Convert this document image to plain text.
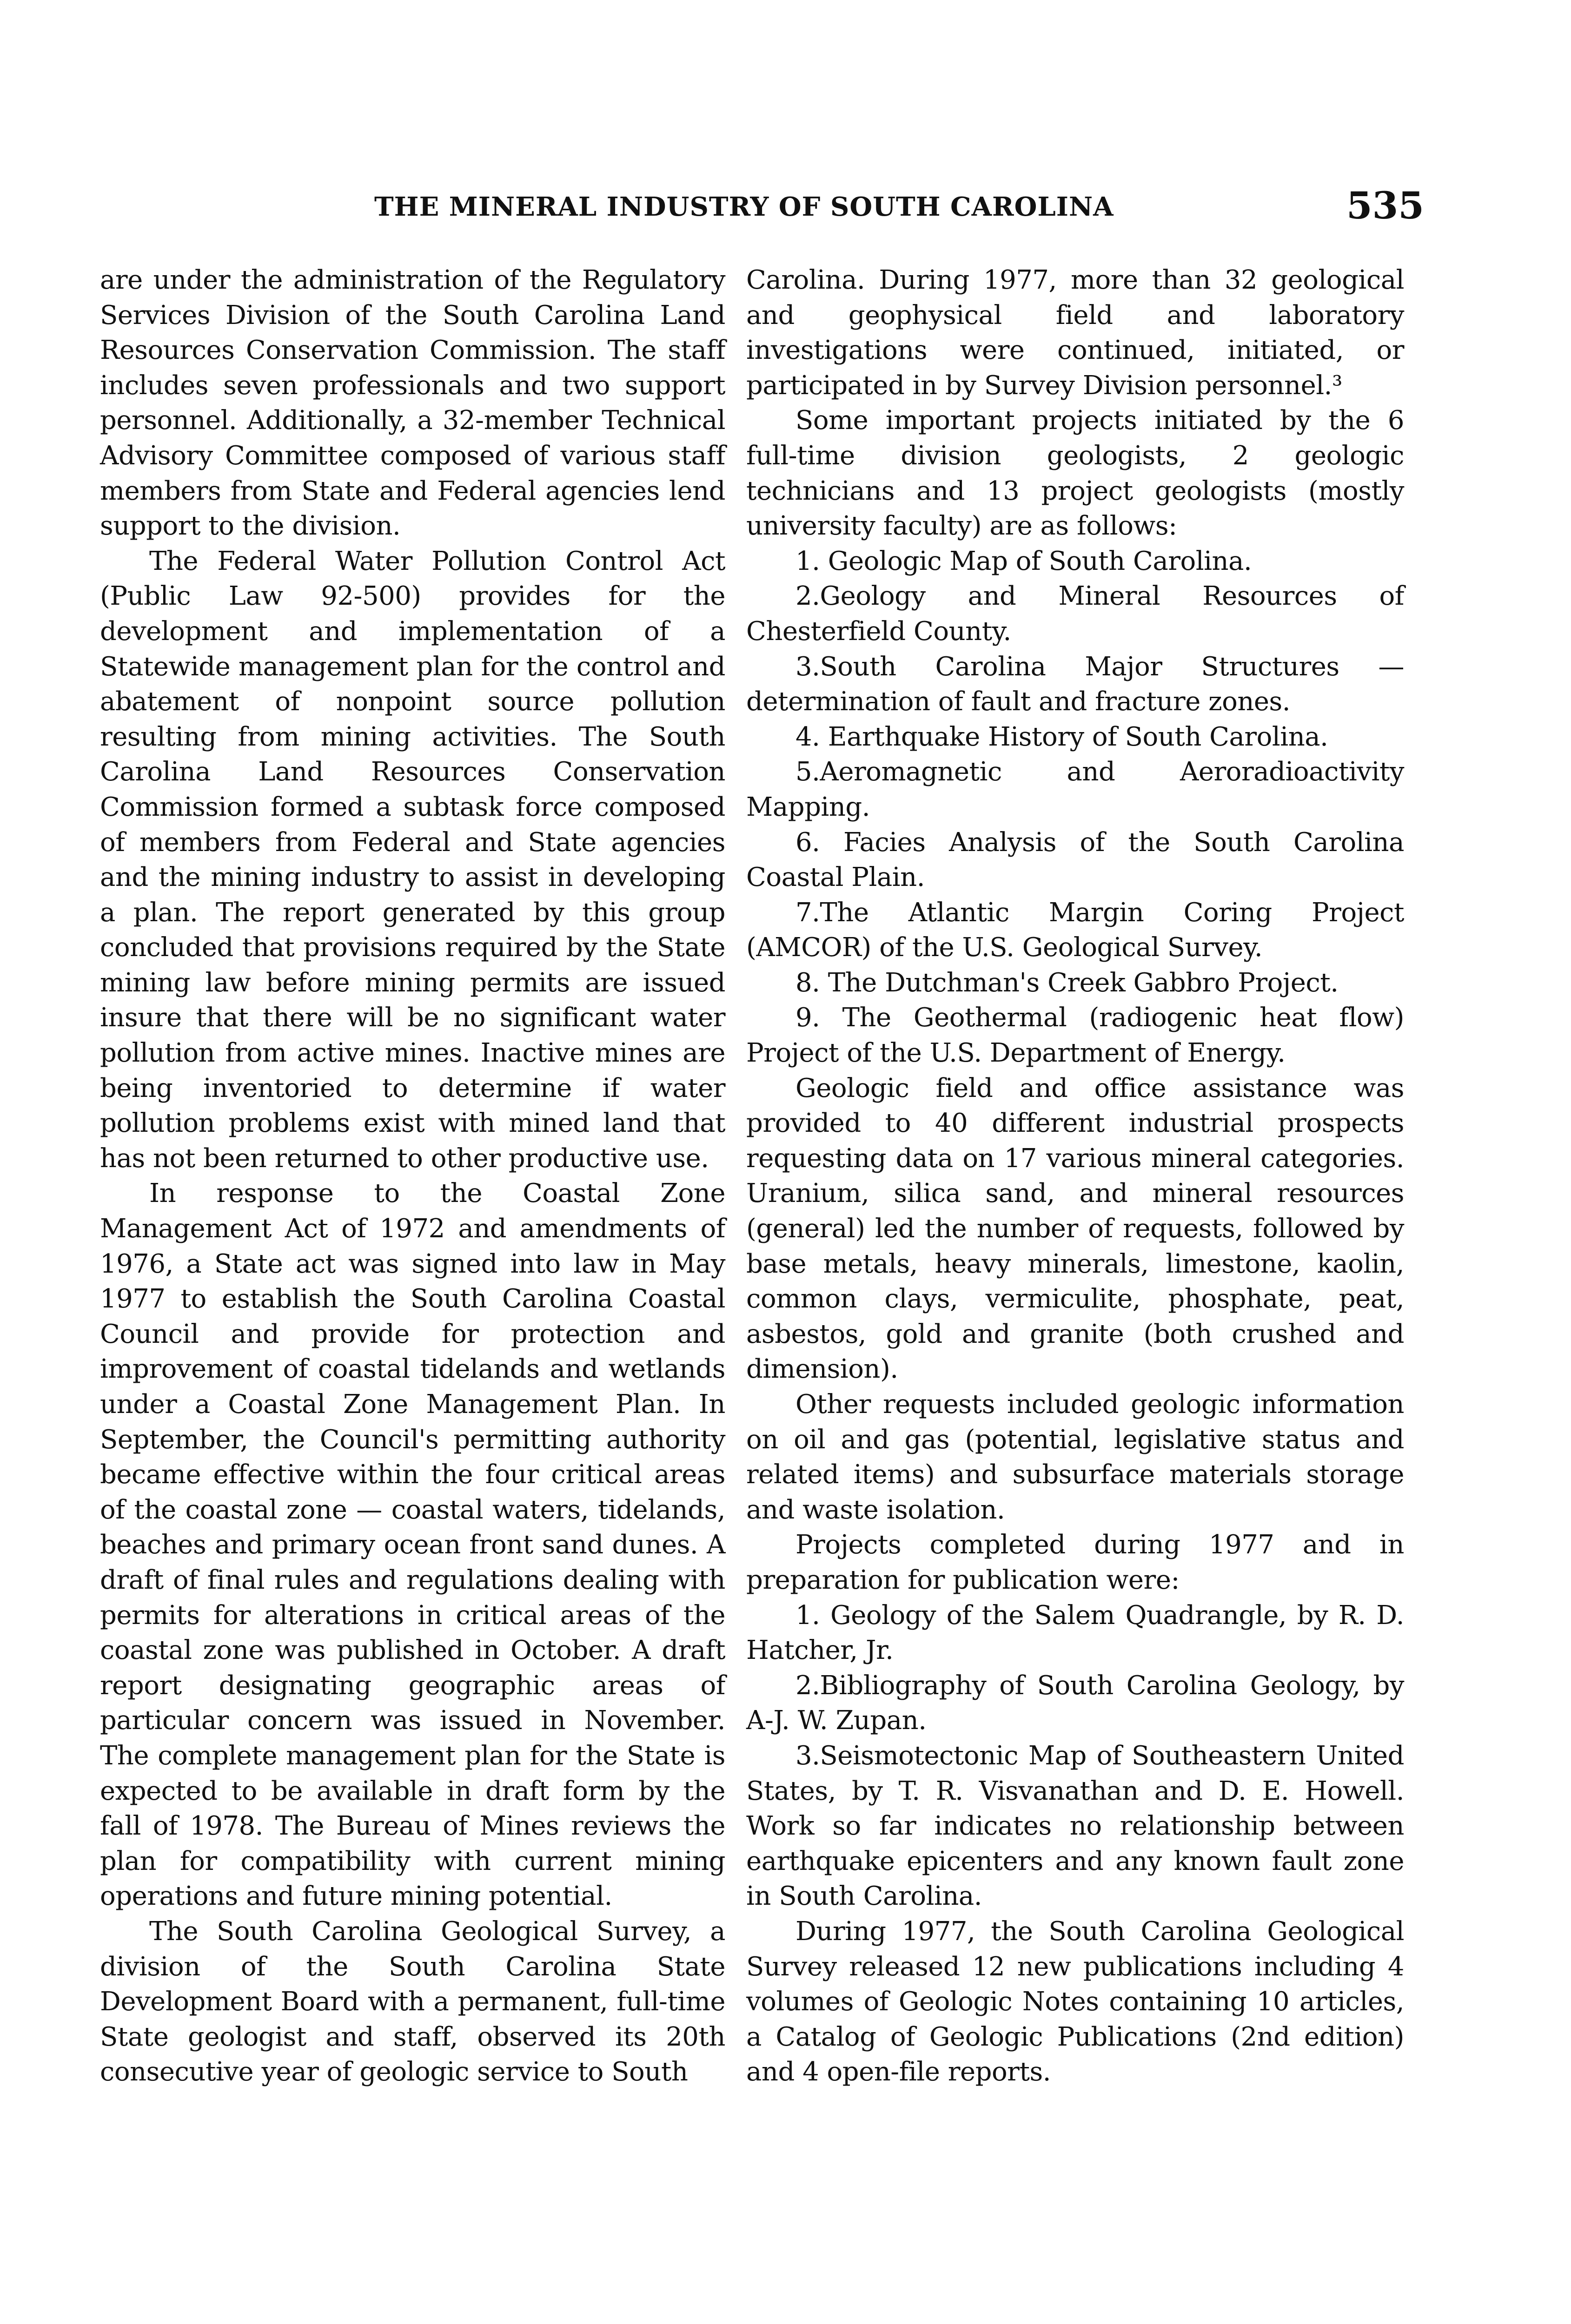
THE MINERAL INDUSTRY OF SOUTH CAROLINA	535

are under the administration of the Regulatory Services Division of the South Carolina Land Resources Conservation Commission. The staff includes seven professionals and two support personnel. Additionally, a 32-member Technical Advisory Committee composed of various staff members from State and Federal agencies lend support to the division.

The Federal Water Pollution Control Act (Public Law 92-500) provides for the development and implementation of a Statewide management plan for the control and abatement of nonpoint source pollution resulting from mining activities. The South Carolina Land Resources Conservation Commission formed a subtask force composed of members from Federal and State agencies and the mining industry to assist in developing a plan. The report generated by this group concluded that provisions required by the State mining law before mining permits are issued insure that there will be no significant water pollution from active mines. Inactive mines are being inventoried to determine if water pollution problems exist with mined land that has not been returned to other productive use.

In response to the Coastal Zone Management Act of 1972 and amendments of 1976, a State act was signed into law in May 1977 to establish the South Carolina Coastal Council and provide for protection and improvement of coastal tidelands and wetlands under a Coastal Zone Management Plan. In September, the Council's permitting authority became effective within the four critical areas of the coastal zone — coastal waters, tidelands, beaches and primary ocean front sand dunes. A draft of final rules and regulations dealing with permits for alterations in critical areas of the coastal zone was published in October. A draft report designating geographic areas of particular concern was issued in November. The complete management plan for the State is expected to be available in draft form by the fall of 1978. The Bureau of Mines reviews the plan for compatibility with current mining operations and future mining potential.

The South Carolina Geological Survey, a division of the South Carolina State Development Board with a permanent, full-time State geologist and staff, observed its 20th consecutive year of geologic service to South

Carolina. During 1977, more than 32 geological and geophysical field and laboratory investigations were continued, initiated, or participated in by Survey Division personnel.³

Some important projects initiated by the 6 full-time division geologists, 2 geologic technicians and 13 project geologists (mostly university faculty) are as follows:

1. Geologic Map of South Carolina.

2.Geology and Mineral Resources of Chesterfield County.

3.South Carolina Major Structures — determination of fault and fracture zones.

4. Earthquake History of South Carolina.

5.Aeromagnetic and Aeroradioactivity Mapping.

6. Facies Analysis of the South Carolina Coastal Plain.

7.The Atlantic Margin Coring Project (AMCOR) of the U.S. Geological Survey.

8. The Dutchman's Creek Gabbro Project.

9. The Geothermal (radiogenic heat flow) Project of the U.S. Department of Energy.

Geologic field and office assistance was provided to 40 different industrial prospects requesting data on 17 various mineral categories. Uranium, silica sand, and mineral resources (general) led the number of requests, followed by base metals, heavy minerals, limestone, kaolin, common clays, vermiculite, phosphate, peat, asbestos, gold and granite (both crushed and dimension).

Other requests included geologic information on oil and gas (potential, legislative status and related items) and subsurface materials storage and waste isolation.

Projects completed during 1977 and in preparation for publication were:

1. Geology of the Salem Quadrangle, by R. D. Hatcher, Jr.

2.Bibliography of South Carolina Geology, by A-J. W. Zupan.

3.Seismotectonic Map of Southeastern United States, by T. R. Visvanathan and D. E. Howell. Work so far indicates no relationship between earthquake epicenters and any known fault zone in South Carolina.

During 1977, the South Carolina Geological Survey released 12 new publications including 4 volumes of Geologic Notes containing 10 articles, a Catalog of Geologic Publications (2nd edition) and 4 open-file reports.
